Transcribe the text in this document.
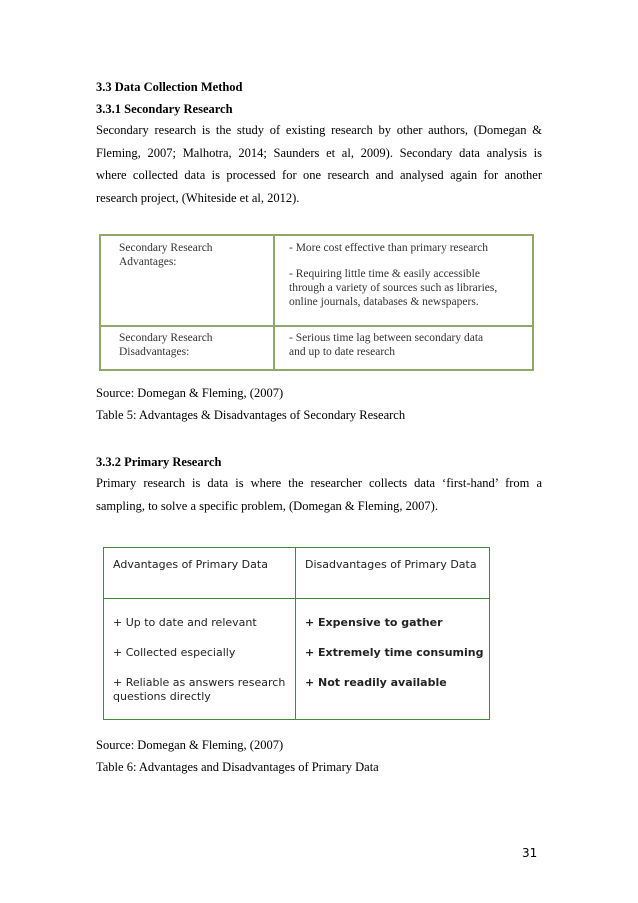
3.3 Data Collection Method
3.3.1 Secondary Research
Secondary research is the study of existing research by other authors, (Domegan &
Fleming, 2007; Malhotra, 2014; Saunders et al, 2009). Secondary data analysis is
where collected data is processed for one research and analysed again for another
research project, (Whiteside et al, 2012).
Secondary Research
Advantages:
- More cost effective than primary research
- Requiring little time & easily accessible
through a variety of sources such as libraries,
online journals, databases & newspapers.
Secondary Research
Disadvantages:
- Serious time lag between secondary data
and up to date research
Source: Domegan & Fleming, (2007)
Table 5: Advantages & Disadvantages of Secondary Research
3.3.2 Primary Research
Primary research is data is where the researcher collects data ‘first-hand’ from a
sampling, to solve a specific problem, (Domegan & Fleming, 2007).
Advantages of Primary Data	Disadvantages of Primary Data
+ Up to date and relevant
+ Collected especially
+ Reliable as answers research
questions directly
+ Expensive to gather
+ Extremely time consuming
+ Not readily available
Source: Domegan & Fleming, (2007)
Table 6: Advantages and Disadvantages of Primary Data
31
